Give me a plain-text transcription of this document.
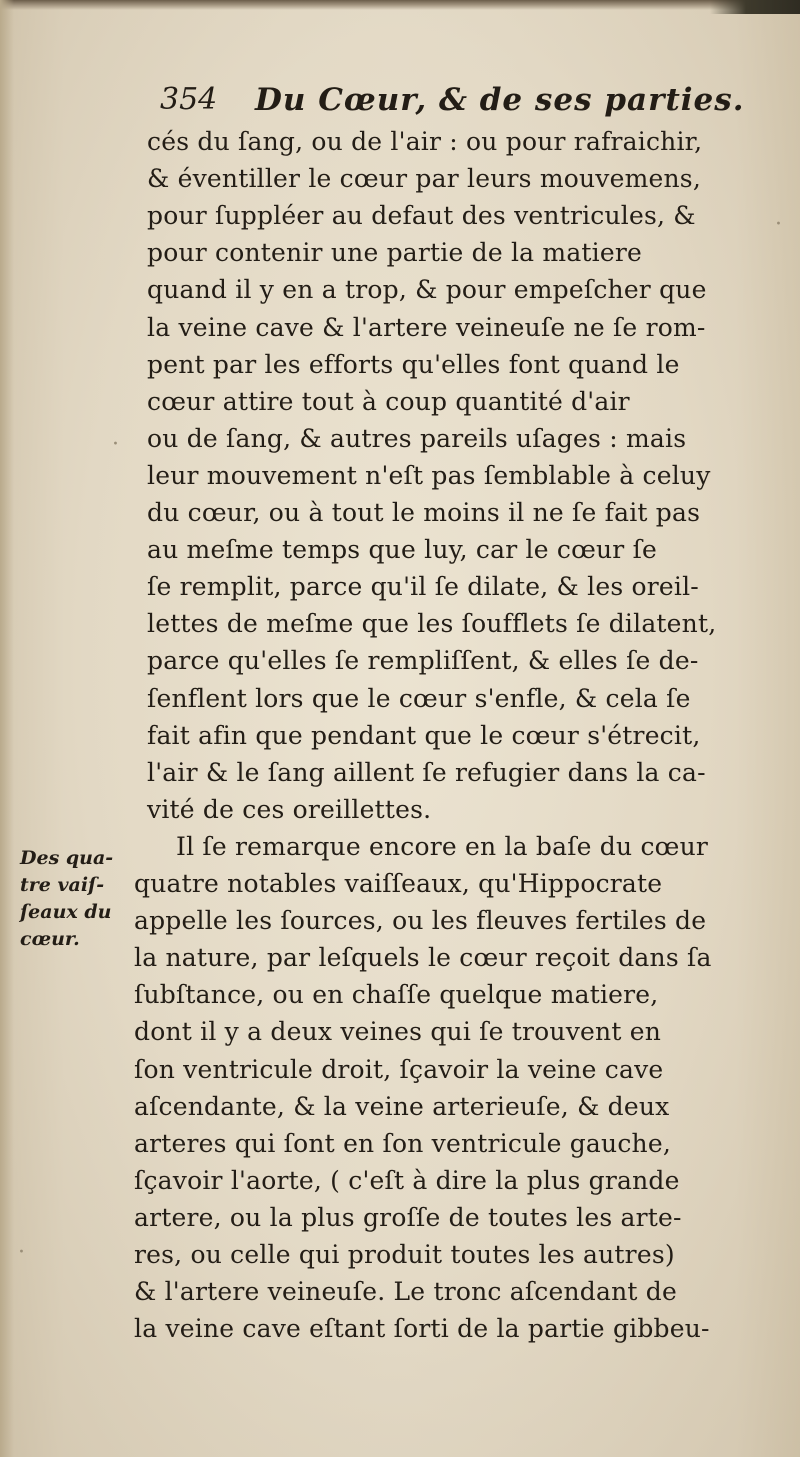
354 Du Cœur, & de ses parties.
cés du ſang, ou de l'air : ou pour rafraichir,
& éventiller le cœur par leurs mouvemens,
pour ſuppléer au defaut des ventricules, &
pour contenir une partie de la matiere
quand il y en a trop, & pour empeſcher que
la veine cave & l'artere veineuſe ne ſe rom-
pent par les efforts qu'elles font quand le
cœur attire tout à coup quantité d'air
ou de ſang, & autres pareils uſages : mais
leur mouvement n'eſt pas ſemblable à celuy
du cœur, ou à tout le moins il ne ſe fait pas
au meſme temps que luy, car le cœur ſe
ſe remplit, parce qu'il ſe dilate, & les oreil-
lettes de meſme que les ſoufflets ſe dilatent,
parce qu'elles ſe rempliſſent, & elles ſe de-
ſenflent lors que le cœur s'enfle, & cela ſe
fait afin que pendant que le cœur s'étrecit,
l'air & le ſang aillent ſe refugier dans la ca-
vité de ces oreillettes.
Il ſe remarque encore en la baſe du cœur
quatre notables vaiſſeaux, qu'Hippocrate
appelle les ſources, ou les fleuves fertiles de
la nature, par leſquels le cœur reçoit dans ſa
ſubſtance, ou en chaſſe quelque matiere,
dont il y a deux veines qui ſe trouvent en
ſon ventricule droit, ſçavoir la veine cave
aſcendante, & la veine arterieuſe, & deux
arteres qui ſont en ſon ventricule gauche,
ſçavoir l'aorte, ( c'eſt à dire la plus grande
artere, ou la plus groſſe de toutes les arte-
res, ou celle qui produit toutes les autres)
& l'artere veineuſe. Le tronc aſcendant de
la veine cave eſtant ſorti de la partie gibbeu-
Des qua-
tre vaiſ-
ſeaux du
cœur.
·
·
·
